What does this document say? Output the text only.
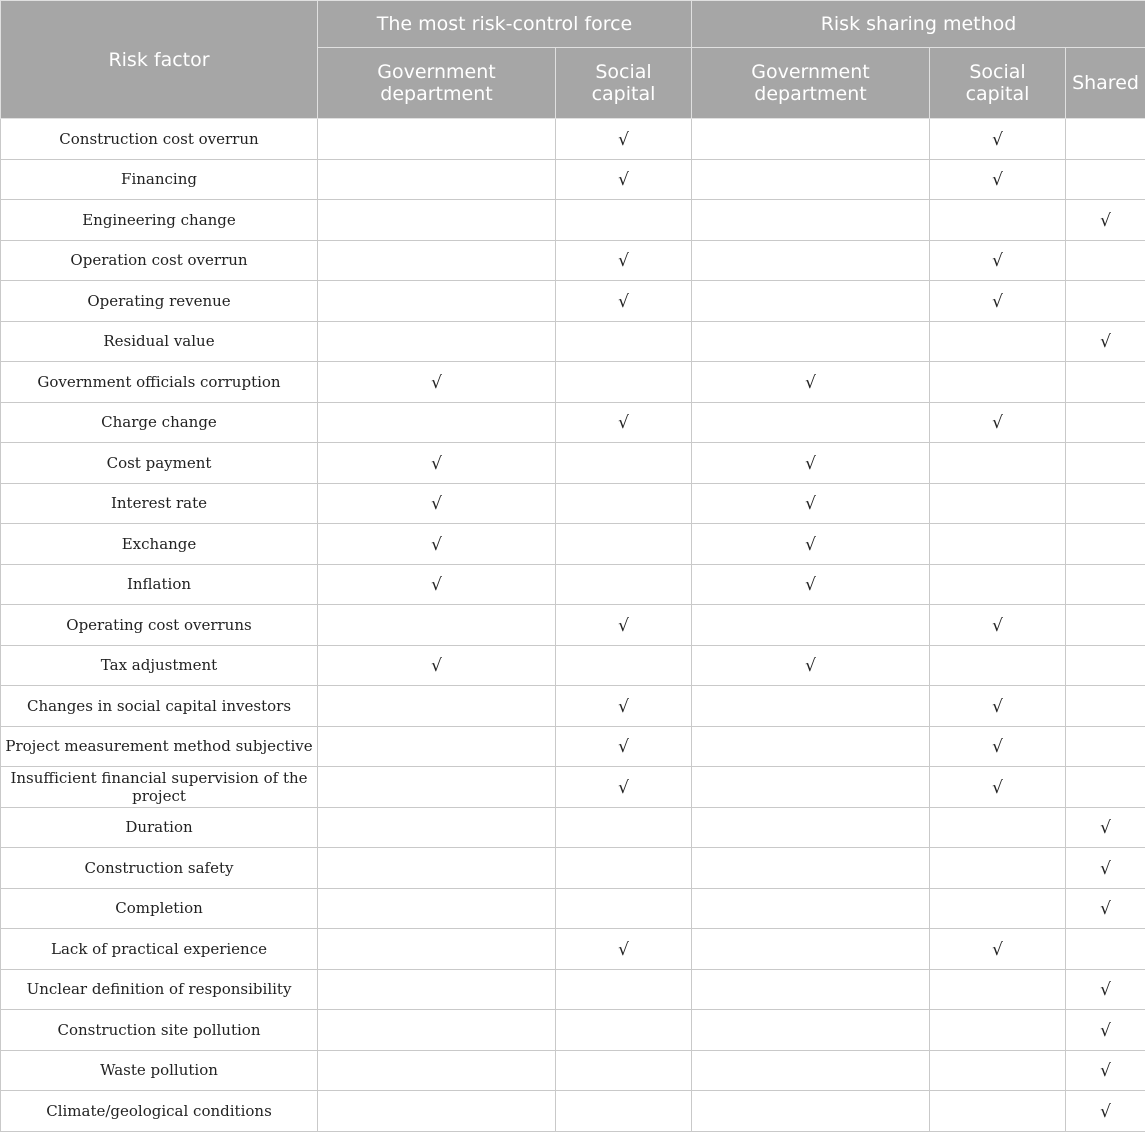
Risk factor	The most risk-control force		Risk sharing method		
	Government department	Social capital	Government department	Social capital	Shared
Construction cost overrun		√		√	
Financing		√		√	
Engineering change					√
Operation cost overrun		√		√	
Operating revenue		√		√	
Residual value					√
Government officials corruption	√		√		
Charge change		√		√	
Cost payment	√		√		
Interest rate	√		√		
Exchange	√		√		
Inflation	√		√		
Operating cost overruns		√		√	
Tax adjustment	√		√		
Changes in social capital investors		√		√	
Project measurement method subjective		√		√	
Insufficient financial supervision of the project		√		√	
Duration					√
Construction safety					√
Completion					√
Lack of practical experience		√		√	
Unclear definition of responsibility					√
Construction site pollution					√
Waste pollution					√
Climate/geological conditions					√
